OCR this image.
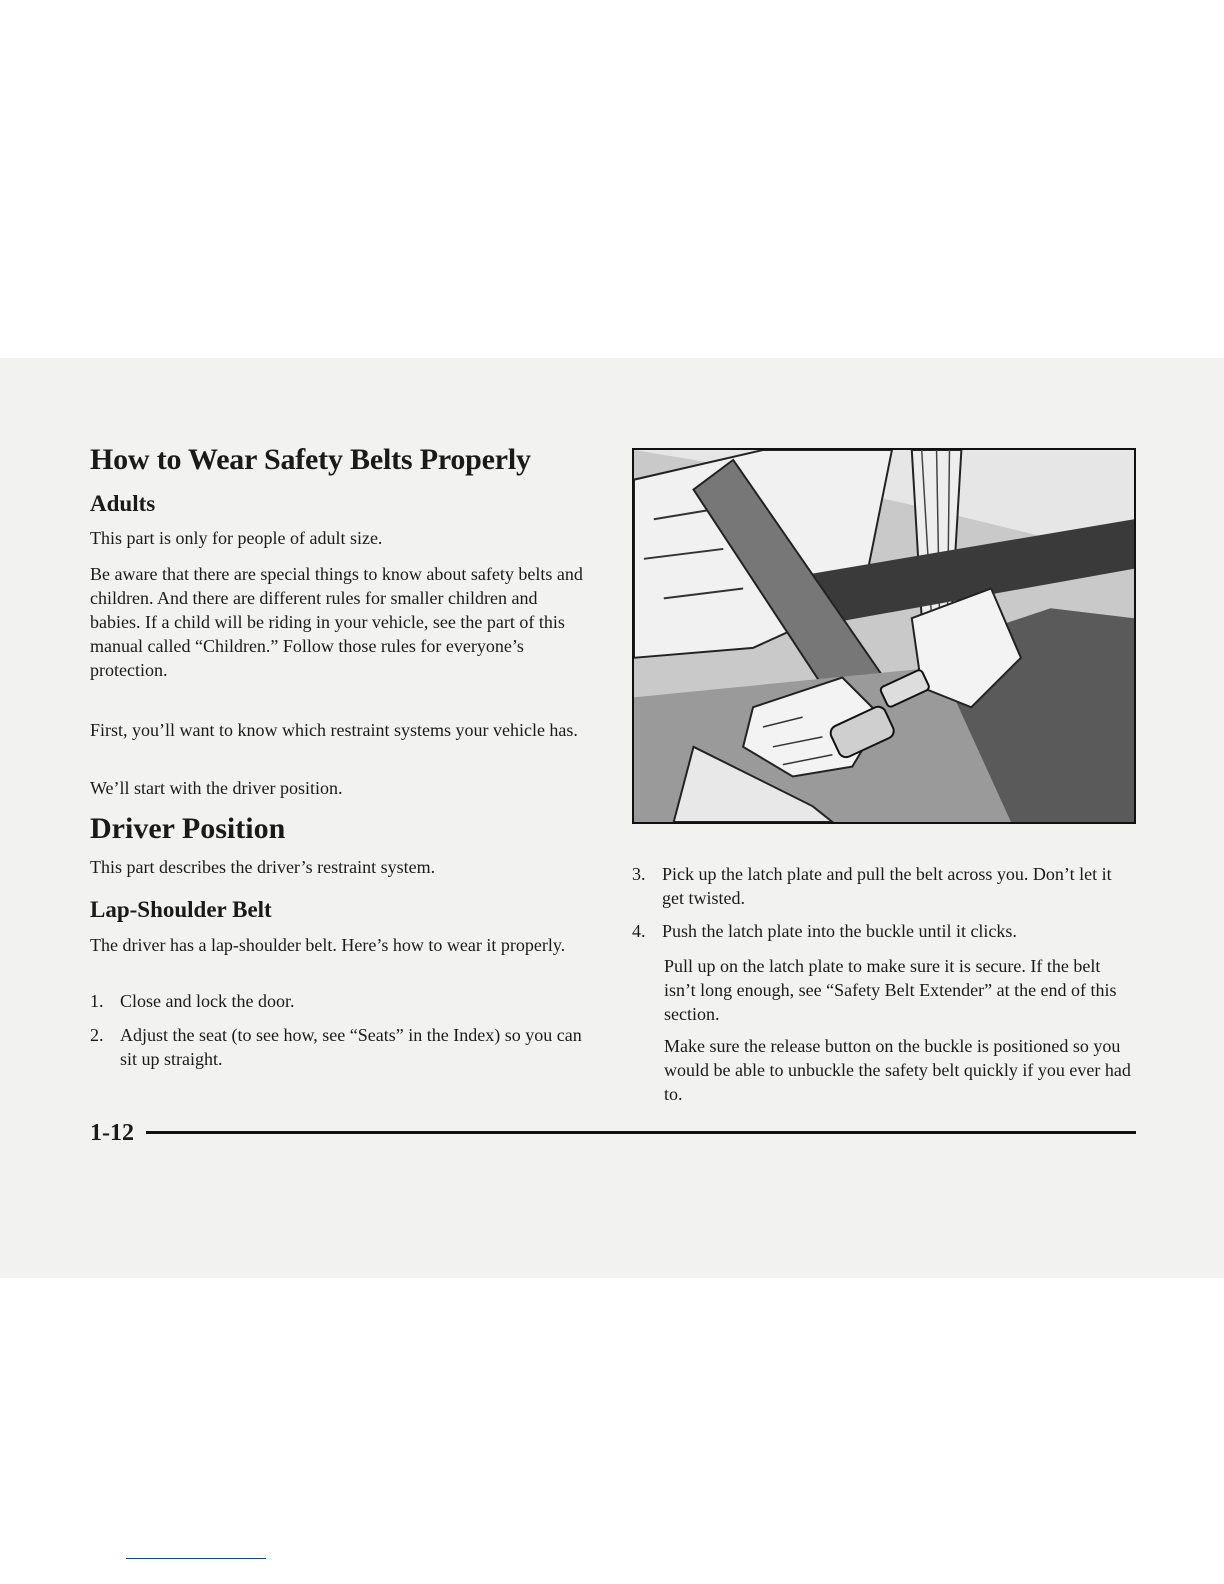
How to Wear Safety Belts Properly
Adults

This part is only for people of adult size.

Be aware that there are special things to know about safety belts and children. And there are different rules for smaller children and babies. If a child will be riding in your vehicle, see the part of this manual called “Children.” Follow those rules for everyone’s protection.

First, you’ll want to know which restraint systems your vehicle has.

We’ll start with the driver position.

Driver Position

This part describes the driver’s restraint system.

Lap-Shoulder Belt

The driver has a lap-shoulder belt. Here’s how to wear it properly.

1. Close and lock the door.
2. Adjust the seat (to see how, see “Seats” in the Index) so you can sit up straight.
3. Pick up the latch plate and pull the belt across you. Don’t let it get twisted.
4. Push the latch plate into the buckle until it clicks.

Pull up on the latch plate to make sure it is secure. If the belt isn’t long enough, see “Safety Belt Extender” at the end of this section.

Make sure the release button on the buckle is positioned so you would be able to unbuckle the safety belt quickly if you ever had to.

1-12
